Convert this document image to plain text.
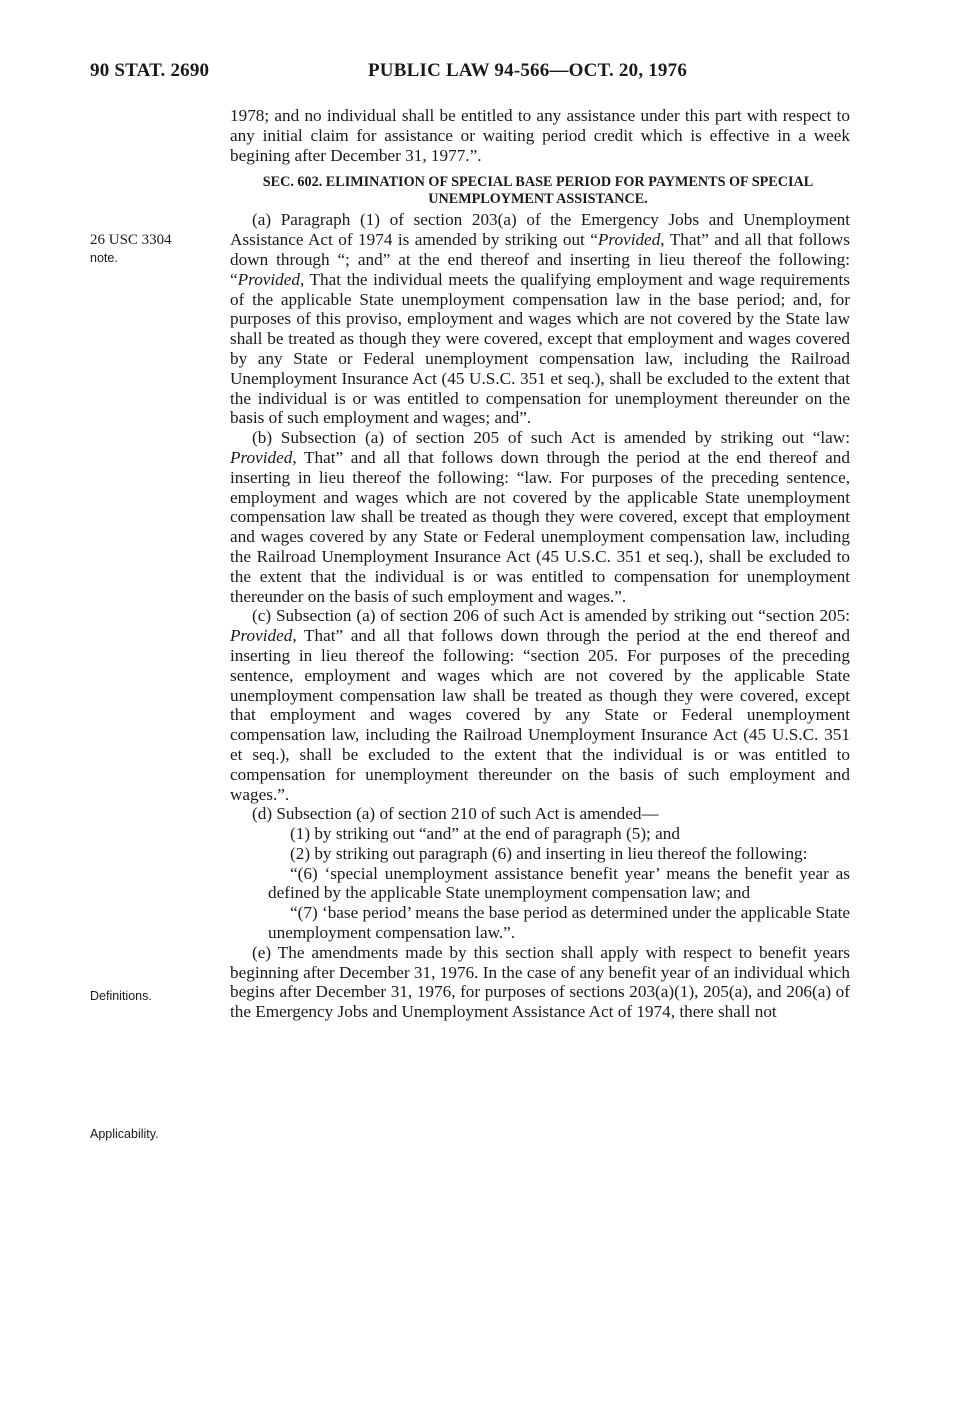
90 STAT. 2690	PUBLIC LAW 94-566—OCT. 20, 1976
26 USC 3304
note.
Definitions.
Applicability.

1978; and no individual shall be entitled to any assistance under this part with respect to any initial claim for assistance or waiting period credit which is effective in a week begining after December 31, 1977.”.

SEC. 602. ELIMINATION OF SPECIAL BASE PERIOD FOR PAYMENTS OF SPECIAL UNEMPLOYMENT ASSISTANCE.

(a) Paragraph (1) of section 203(a) of the Emergency Jobs and Unemployment Assistance Act of 1974 is amended by striking out “Provided, That” and all that follows down through “; and” at the end thereof and inserting in lieu thereof the following: “Provided, That the individual meets the qualifying employment and wage requirements of the applicable State unemployment compensation law in the base period; and, for purposes of this proviso, employment and wages which are not covered by the State law shall be treated as though they were covered, except that employment and wages covered by any State or Federal unemployment compensation law, including the Railroad Unemployment Insurance Act (45 U.S.C. 351 et seq.), shall be excluded to the extent that the individual is or was entitled to compensation for unemployment thereunder on the basis of such employment and wages; and”.

(b) Subsection (a) of section 205 of such Act is amended by striking out “law: Provided, That” and all that follows down through the period at the end thereof and inserting in lieu thereof the following: “law. For purposes of the preceding sentence, employment and wages which are not covered by the applicable State unemployment compensation law shall be treated as though they were covered, except that employment and wages covered by any State or Federal unemployment compensation law, including the Railroad Unemployment Insurance Act (45 U.S.C. 351 et seq.), shall be excluded to the extent that the individual is or was entitled to compensation for unemployment thereunder on the basis of such employment and wages.”.

(c) Subsection (a) of section 206 of such Act is amended by striking out “section 205: Provided, That” and all that follows down through the period at the end thereof and inserting in lieu thereof the following: “section 205. For purposes of the preceding sentence, employment and wages which are not covered by the applicable State unemployment compensation law shall be treated as though they were covered, except that employment and wages covered by any State or Federal unemployment compensation law, including the Railroad Unemployment Insurance Act (45 U.S.C. 351 et seq.), shall be excluded to the extent that the individual is or was entitled to compensation for unemployment thereunder on the basis of such employment and wages.”.

(d) Subsection (a) of section 210 of such Act is amended—

(1) by striking out “and” at the end of paragraph (5); and

(2) by striking out paragraph (6) and inserting in lieu thereof the following:

“(6) ‘special unemployment assistance benefit year’ means the benefit year as defined by the applicable State unemployment compensation law; and

“(7) ‘base period’ means the base period as determined under the applicable State unemployment compensation law.”.

(e) The amendments made by this section shall apply with respect to benefit years beginning after December 31, 1976. In the case of any benefit year of an individual which begins after December 31, 1976, for purposes of sections 203(a)(1), 205(a), and 206(a) of the Emergency Jobs and Unemployment Assistance Act of 1974, there shall not
